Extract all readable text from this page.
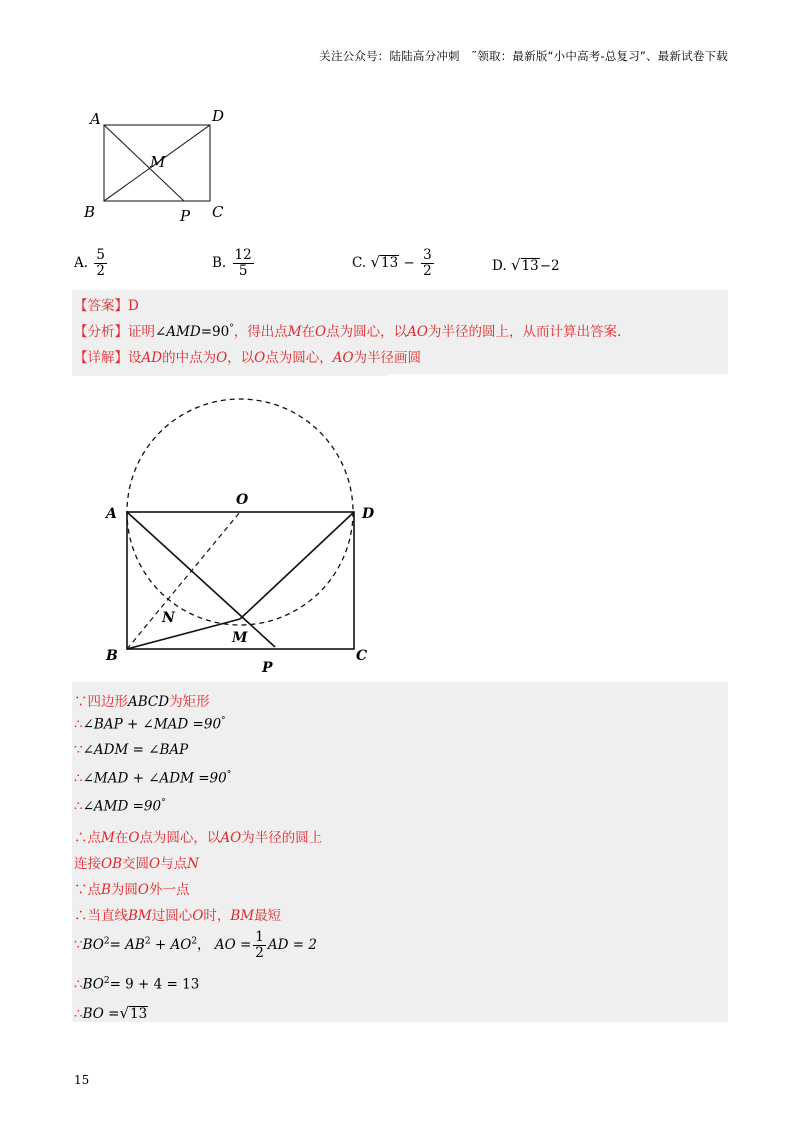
关注公众号：陆陆高分冲刺　˜领取：最新版“小中高考-总复习”、最新试卷下载
A	D
M
B	P C
A. $\frac{5}{2}$	B. $\frac{12}{5}$	C. $√13 - \frac{3}{2}$	D. √13−2
【答案】D
【分析】证明∠AMD=90°，得出点M在O点为圆心，以AO为半径的圆上，从而计算出答案.
【详解】设AD的中点为O，以O点为圆心，AO为半径画圆
O
A	D
N
M
B
P
C
∵四边形ABCD为矩形
∴∠BAP + ∠MAD =90°
∵∠ADM = ∠BAP
∴∠MAD + ∠ADM =90°
∴∠AMD =90°
∴点M在O点为圆心，以AO为半径的圆上
连接OB交圆O与点N
∵点B为圆O外一点
∴当直线BM过圆心O时，BM最短
$\because BO^2= AB^2 + AO^2$， AO = $\frac{1}{2}$ AD = 2
$\therefore BO^2= 9 + 4 = 13$
∴BO =√13
15
